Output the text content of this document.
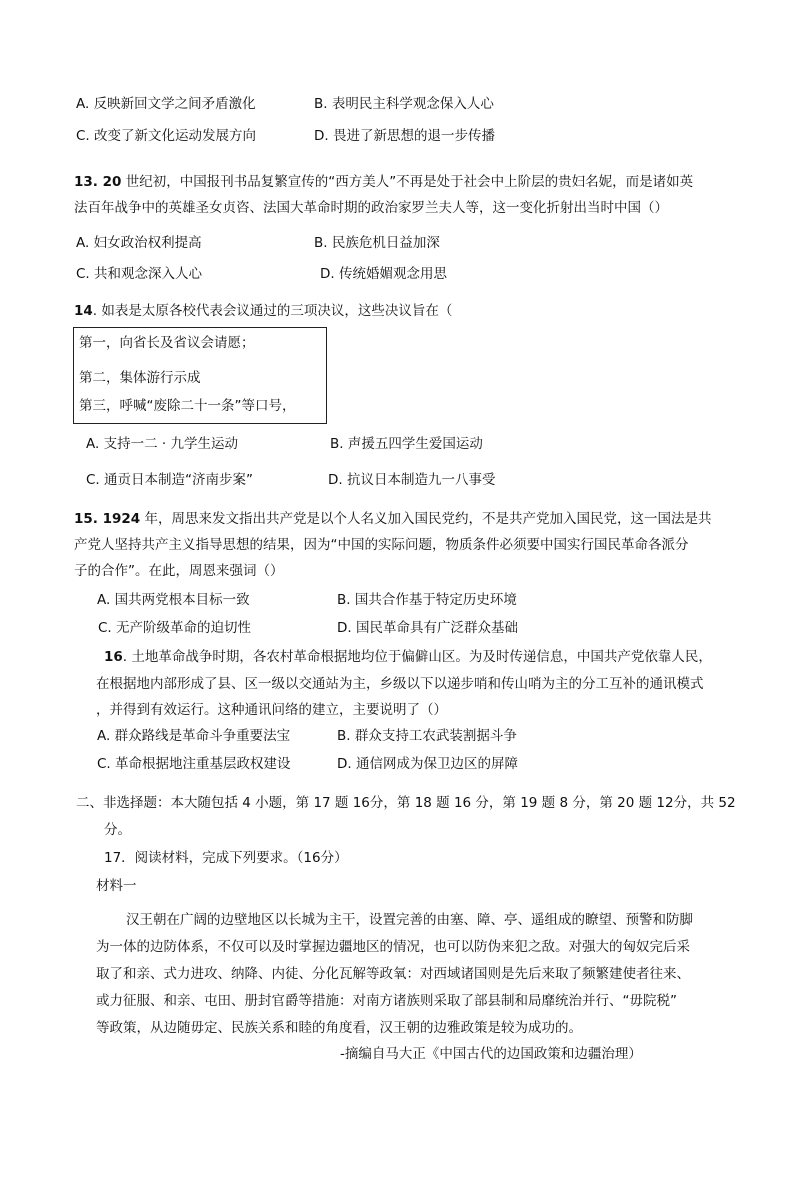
A. 反映新回文学之间矛盾激化	B. 表明民主科学观念保入人心
C. 改变了新文化运动发展方向	D. 畏进了新思想的退一步传播
13. 20 世纪初，中国报刊书品复繁宣传的“西方美人”不再是处于社会中上阶层的贵妇名妮，而是诸如英
法百年战争中的英雄圣女贞咨、法国大革命时期的政治家罗兰夫人等，这一变化折射出当时中国（）
A. 妇女政治权利提高	B. 民族危机日益加深
C. 共和观念深入人心	D. 传统婚媚观念用思
14. 如表是太原各校代表会议通过的三项决议，这些决议旨在（
第一，向省长及省议会请愿；
第二，集体游行示成
第三，呼喊“废除二十一条”等口号，
A. 支持一二 · 九学生运动	B. 声援五四学生爱国运动
C. 通贡日本制造“济南步案”	D. 抗议日本制造九一八事受
15. 1924 年，周思来发文指出共产党是以个人名义加入国民党约，不是共产党加入国民党，这一国法是共
产党人坚持共产主义指导思想的结果，因为“中国的实际问题，物质条件必须要中国实行国民革命各派分
子的合作”。在此，周恩来强词（）
A. 国共两党根本目标一致	B. 国共合作基于特定历史环境
C. 无产阶级革命的迫切性	D. 国民革命具有广泛群众基础
16. 土地革命战争时期，各农村革命根据地均位于偏僻山区。为及时传递信息，中国共产党依靠人民，
在根据地内部形成了县、区一级以交通站为主，乡级以下以递步哨和传山哨为主的分工互补的通讯模式
，并得到有效运行。这种通讯问络的建立，主要说明了（）
A. 群众路线是革命斗争重要法宝	B. 群众支持工农武装割据斗争
C. 革命根据地注重基层政权建设	D. 通信网成为保卫边区的屏障
二、非选择题：本大随包括 4 小题，第 17 题 16分，第 18 题 16 分，第 19 题 8 分，第 20 题 12分，共 52
分。
17．阅读材料，完成下列要求。（16分）
材料一
汉王朝在广阔的边壁地区以长城为主干，设置完善的由塞、障、亭、遥组成的瞭望、预警和防脚
为一体的边防体系，不仅可以及时掌握边疆地区的情况，也可以防伪来犯之敌。对强大的匈奴完后采
取了和亲、式力进攻、纳降、内徒、分化瓦解等政氧：对西域诸国则是先后来取了频繁建使者往来、
或力征服、和亲、屯田、册封官爵等措施：对南方诸族则采取了部县制和局靡统治并行、“毋院税”
等政策，从边随毋定、民族关系和睦的角度看，汉王朝的边雅政策是较为成功的。
-摘编自马大正《中国古代的边国政策和边疆治理）
